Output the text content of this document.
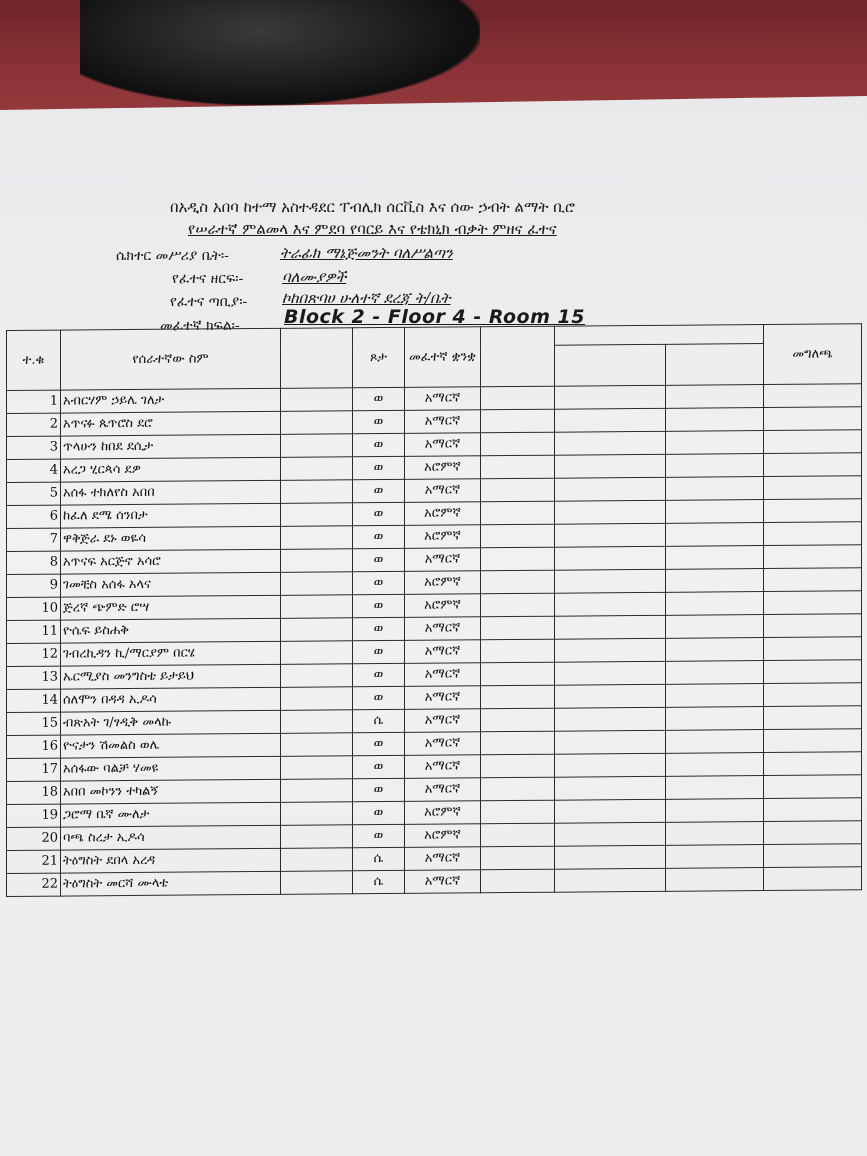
በአዲስ አበባ ከተማ አስተዳደር ፐብሊክ ሰርቪስ እና ሰው ኃብት ልማት ቢሮ
የሠራተኛ ምልመላ እና ምደባ የባርይ እና የቴክኒክ ብቃት ምዘና ፈተና
ሴክተር መሥሪያ ቤት፡-	ትራፊክ ማኔጅመንት ባለሥልጣን
የፈተና ዘርፍ፡-	ባለሙያዎች
የፈተና ጣቢያ፡- ኮከበጽባሀ ሁለተኛ ደረጃ ት/ቤት
መፈተኛ ክፍል፡- Block 2 - Floor 4 - Room 15
ተ.ቁ	የሰራተኛው ስም		ጾታ	መፈተኛ ቋንቋ				መግለጫ

1	አብርሃም ኃይሌ ገለታ		ወ	አማርኛ				
2	አጥናፉ ጴጥሮስ ደሮ		ወ	አማርኛ				
3	ጥላሁን ከበደ ደሲታ		ወ	አማርኛ				
4	አረጋ ሂርጳሳ ደዎ		ወ	አሮምኛ				
5	አሰፋ ተክለየስ አበበ		ወ	አማርኛ				
6	ከፈለ ደሜ ሰንበታ		ወ	አሮምኛ				
7	ዋቅጅራ ደኑ ወዬሳ		ወ	አሮምኛ				
8	አጥናፍ አርጅኖ አሳሮ		ወ	አማርኛ				
9	ገመቺስ አሰፋ አላና		ወ	አሮምኛ				
10	ጅረኛ ጭምድ ሮሣ		ወ	አሮምኛ				
11	ዮሴፍ ይስሐቅ		ወ	አማርኛ				
12	ገብረኪዳን ኪ/ማርያም በርሄ		ወ	አማርኛ				
13	ኤርሚያስ መንግስቴ ይታይህ		ወ	አማርኛ				
14	ሰለሞን በዳዳ ኢዶሳ		ወ	አማርኛ				
15	ብጽአት ገ/ፃዲቅ መላኩ		ሴ	አማርኛ				
16	ዮናታን ሽመልስ ወሌ		ወ	አማርኛ				
17	አሰፋው ባልቻ ሃመዩ		ወ	አማርኛ				
18	አበበ መኮንን ተካልኝ		ወ	አማርኛ				
19	ጋሮማ ቤኛ ሙለታ		ወ	አሮምኛ				
20	ባጫ ስረታ ኢዶሳ		ወ	አሮምኛ				
21	ትዕግስት ደበላ አረዳ		ሴ	አማርኛ				
22	ትዕግስት መርሻ ሙላቴ		ሴ	አማርኛ				
